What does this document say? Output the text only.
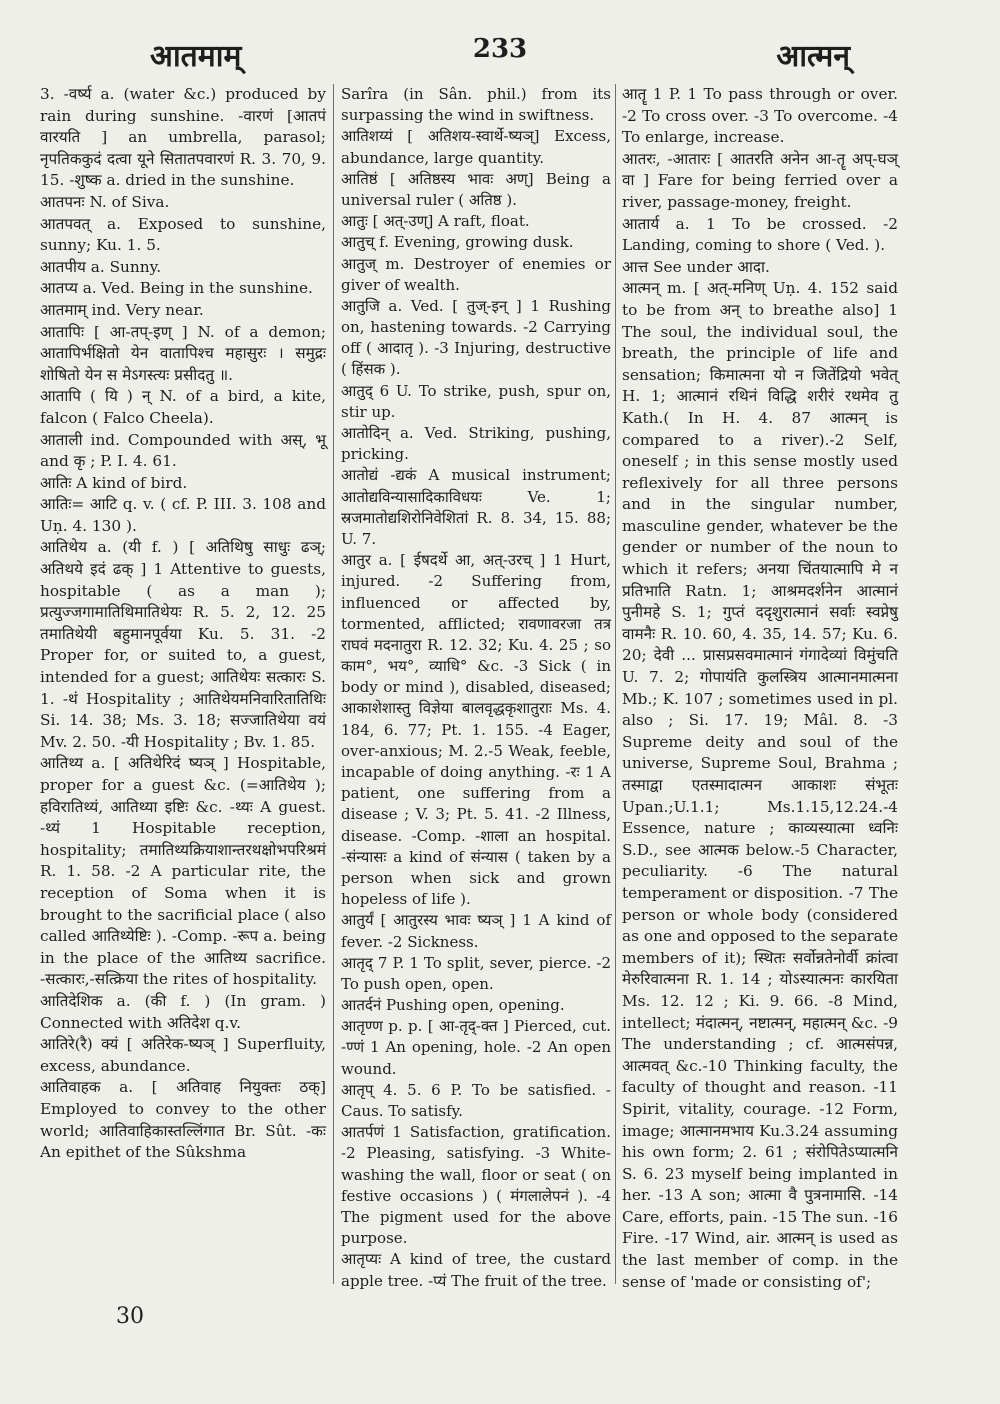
आतमाम्	233	आत्मन्

3. -वर्ष्य a. (water &c.) produced by rain during sunshine. -वारणं [आतपं वारयति ] an umbrella, parasol; नृपतिककुदं दत्वा यूने सितातपवारणं R. 3. 70, 9. 15. -शुष्क a. dried in the sunshine.

आतपनः N. of Siva.

आतपवत् a. Exposed to sunshine, sunny; Ku. 1. 5.

आतपीय a. Sunny.

आतप्य a. Ved. Being in the sunshine.

आतमाम् ind. Very near.

आतापिः [ आ-तप्-इण् ] N. of a demon; आतापिर्भक्षितो येन वातापिश्च महासुरः । समुद्रः शोषितो येन स मेऽगस्त्यः प्रसीदतु ॥.

आतापि ( यि ) न् N. of a bird, a kite, falcon ( Falco Cheela).

आताली ind. Compounded with अस्, भू and कृ ; P. I. 4. 61.

आतिः A kind of bird.

आतिः= आटि q. v. ( cf. P. III. 3. 108 and Uṇ. 4. 130 ).

आतिथेय a. (यी f. ) [ अतिथिषु साधुः ढञ्; अतिथये इदं ढक् ] 1 Attentive to guests, hospitable ( as a man ); प्रत्युज्जगामातिथिमातिथेयः R. 5. 2, 12. 25 तमातिथेयी बहुमानपूर्वया Ku. 5. 31. -2 Proper for, or suited to, a guest, intended for a guest; आतिथेयः सत्कारः S. 1. -थं Hospitality ; आतिथेयमनिवारितातिथिः Si. 14. 38; Ms. 3. 18; सज्जातिथेया वयं Mv. 2. 50. -यी Hospitality ; Bv. 1. 85.

आतिथ्य a. [ अतिथेरिदं ष्यञ् ] Hospitable, proper for a guest &c. (=आतिथेय ); हविरातिथ्यं, आतिथ्या इष्टिः &c. -थ्यः A guest. -थ्यं 1 Hospitable reception, hospitality; तमातिथ्यक्रियाशान्तरथक्षोभपरिश्रमं R. 1. 58. -2 A particular rite, the reception of Soma when it is brought to the sacrificial place ( also called आतिथ्येष्टिः ). -Comp. -रूप a. being in the place of the आतिथ्य sacrifice. -सत्कारः,-सत्क्रिया the rites of hospitality.

आतिदेशिक a. (की f. ) (In gram. ) Connected with अतिदेश q.v.

आतिरे(रै) क्यं [ अतिरेक-ष्यञ् ] Superfluity, excess, abundance.

आतिवाहक a. [ अतिवाह नियुक्तः ठक्] Employed to convey to the other world; आतिवाहिकास्तल्लिंगात Br. Sût. -कः An epithet of the Sûkshma

Sarîra (in Sân. phil.) from its surpassing the wind in swiftness.

आतिशय्यं [ अतिशय-स्वार्थे-ष्यञ्] Excess, abundance, large quantity.

आतिष्ठं [ अतिष्ठस्य भावः अण्] Being a universal ruler ( अतिष्ठ ).

आतुः [ अत्-उण्] A raft, float.

आतुच् f. Evening, growing dusk.

आतुज् m. Destroyer of enemies or giver of wealth.

आतुजि a. Ved. [ तुज्-इन् ] 1 Rushing on, hastening towards. -2 Carrying off ( आदातृ ). -3 Injuring, destructive ( हिंसक ).

आतुद् 6 U. To strike, push, spur on, stir up.

आतोदिन् a. Ved. Striking, pushing, pricking.

आतोद्यं -द्यकं A musical instrument; आतोद्यविन्यासादिकाविधयः Ve. 1; स्रजमातोद्यशिरोनिवेशितां R. 8. 34, 15. 88; U. 7.

आतुर a. [ ईषदर्थे आ, अत्-उरच् ] 1 Hurt, injured. -2 Suffering from, influenced or affected by, tormented, afflicted; रावणावरजा तत्र राघवं मदनातुरा R. 12. 32; Ku. 4. 25 ; so काम°, भय°, व्याधि° &c. -3 Sick ( in body or mind ), disabled, diseased; आकाशेशास्तु विज्ञेया बालवृद्धकृशातुराः Ms. 4. 184, 6. 77; Pt. 1. 155. -4 Eager, over-anxious; M. 2.-5 Weak, feeble, incapable of doing anything. -रः 1 A patient, one suffering from a disease ; V. 3; Pt. 5. 41. -2 Illness, disease. -Comp. -शाला an hospital. -संन्यासः a kind of संन्यास ( taken by a person when sick and grown hopeless of life ).

आतुर्यं [ आतुरस्य भावः ष्यञ् ] 1 A kind of fever. -2 Sickness.

आतृद् 7 P. 1 To split, sever, pierce. -2 To push open, open.

आतर्दनं Pushing open, opening.

आतृण्ण p. p. [ आ-तृद्-क्त ] Pierced, cut. -ण्णं 1 An opening, hole. -2 An open wound.

आतृप् 4. 5. 6 P. To be satisfied. -Caus. To satisfy.

आतर्पणं 1 Satisfaction, gratification. -2 Pleasing, satisfying. -3 White-washing the wall, floor or seat ( on festive occasions ) ( मंगलालेपनं ). -4 The pigment used for the above purpose.

आतृप्यः A kind of tree, the custard apple tree. -प्यं The fruit of the tree.

आतॄ 1 P. 1 To pass through or over. -2 To cross over. -3 To overcome. -4 To enlarge, increase.

आतरः, -आतारः [ आतरति अनेन आ-तॄ अप्-घञ् वा ] Fare for being ferried over a river, passage-money, freight.

आतार्य a. 1 To be crossed. -2 Landing, coming to shore ( Ved. ).

आत्त See under आदा.

आत्मन् m. [ अत्-मनिण् Uṇ. 4. 152 said to be from अन् to breathe also] 1 The soul, the individual soul, the breath, the principle of life and sensation; किमात्मना यो न जितेंद्रियो भवेत् H. 1; आत्मानं रथिनं विद्धि शरीरं रथमेव तु Kath.( In H. 4. 87 आत्मन् is compared to a river).-2 Self, oneself ; in this sense mostly used reflexively for all three persons and in the singular number, masculine gender, whatever be the gender or number of the noun to which it refers; अनया चिंतयात्मापि मे न प्रतिभाति Ratn. 1; आश्रमदर्शनेन आत्मानं पुनीमहे S. 1; गुप्तं ददृशुरात्मानं सर्वाः स्वप्नेषु वामनैः R. 10. 60, 4. 35, 14. 57; Ku. 6. 20; देवी ... प्रासप्रसवमात्मानं गंगादेव्यां विमुंचति U. 7. 2; गोपायंति कुलस्त्रिय आत्मानमात्मना Mb.; K. 107 ; sometimes used in pl. also ; Si. 17. 19; Mâl. 8. -3 Supreme deity and soul of the universe, Supreme Soul, Brahma ; तस्माद्वा एतस्मादात्मन आकाशः संभूतः Upan.;U.1.1; Ms.1.15,12.24.-4 Essence, nature ; काव्यस्यात्मा ध्वनिः S.D., see आत्मक below.-5 Character, peculiarity. -6 The natural temperament or disposition. -7 The person or whole body (considered as one and opposed to the separate members of it); स्थितः सर्वोन्नतेनोर्वी क्रांत्वा मेरुरिवात्मना R. 1. 14 ; योऽस्यात्मनः कारयिता Ms. 12. 12 ; Ki. 9. 66. -8 Mind, intellect; मंदात्मन्, नष्टात्मन्, महात्मन् &c. -9 The understanding ; cf. आत्मसंपन्न, आत्मवत् &c.-10 Thinking faculty, the faculty of thought and reason. -11 Spirit, vitality, courage. -12 Form, image; आत्मानमभाय Ku.3.24 assuming his own form; 2. 61 ; संरोपितेऽप्यात्मनि S. 6. 23 myself being implanted in her. -13 A son; आत्मा वै पुत्रनामासि. -14 Care, efforts, pain. -15 The sun. -16 Fire. -17 Wind, air. आत्मन् is used as the last member of comp. in the sense of 'made or consisting of';

30
